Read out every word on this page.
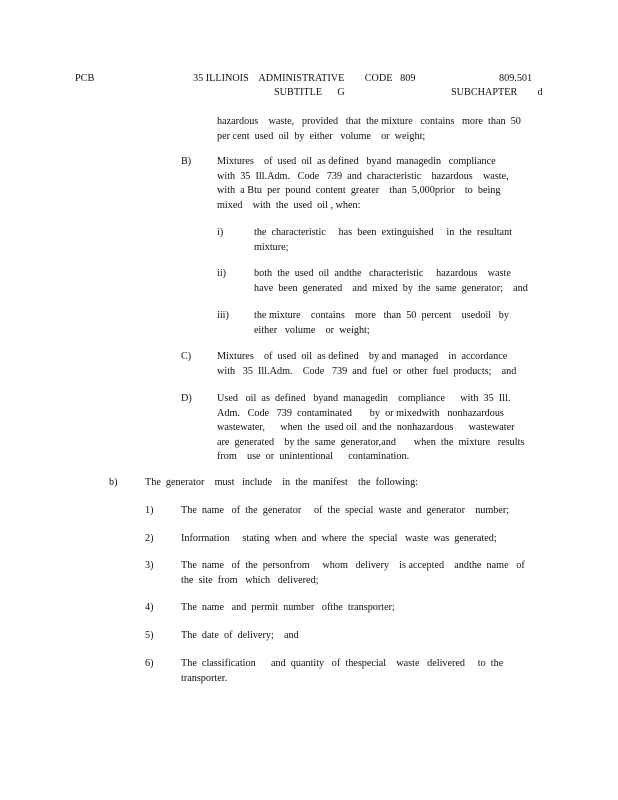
PCB	35 ILLINOIS    ADMINISTRATIVE        CODE   809	809.501
SUBTITLE      G	SUBCHAPTER        d
hazardous    waste,   provided   that  the mixture   contains   more  than  50
per cent  used  oil  by  either   volume    or  weight;
B)	Mixtures    of  used  oil  as defined   byand  managedin   compliance
with  35  Ill.Adm.   Code   739  and  characteristic    hazardous    waste,
with  a Btu  per  pound  content  greater    than  5,000prior    to  being
mixed    with  the  used  oil , when:
i)	the  characteristic     has  been  extinguished     in  the  resultant
mixture;
ii)	both  the  used  oil  andthe   characteristic     hazardous    waste
have  been  generated    and  mixed  by  the  same  generator;    and
iii) the mixture    contains    more   than  50  percent    usedoil   by
either   volume    or  weight;
C)	Mixtures    of  used  oil  as defined    by and  managed    in  accordance
with   35  Ill.Adm.    Code   739  and  fuel  or  other  fuel  products;    and
D) Used   oil  as  defined   byand  managedin    compliance      with  35  Ill.
Adm.   Code   739  contaminated       by  or mixedwith   nonhazardous
wastewater,      when  the  used oil  and the  nonhazardous      wastewater
are  generated    by the  same  generator,and       when  the  mixture   results
from    use  or  unintentional      contamination.
b)	The  generator    must   include    in  the  manifest    the  following:
1)	The  name   of  the  generator     of  the  special  waste  and  generator    number;
2)	Information     stating  when  and  where  the  special   waste  was  generated;
3)	The  name   of  the  personfrom     whom   delivery    is accepted    andthe  name   of
the  site  from   which   delivered;
4)	The  name   and  permit  number   ofthe  transporter;
5)	The  date  of  delivery;    and
6)	The  classification      and  quantity   of  thespecial    waste   delivered     to  the
transporter.
